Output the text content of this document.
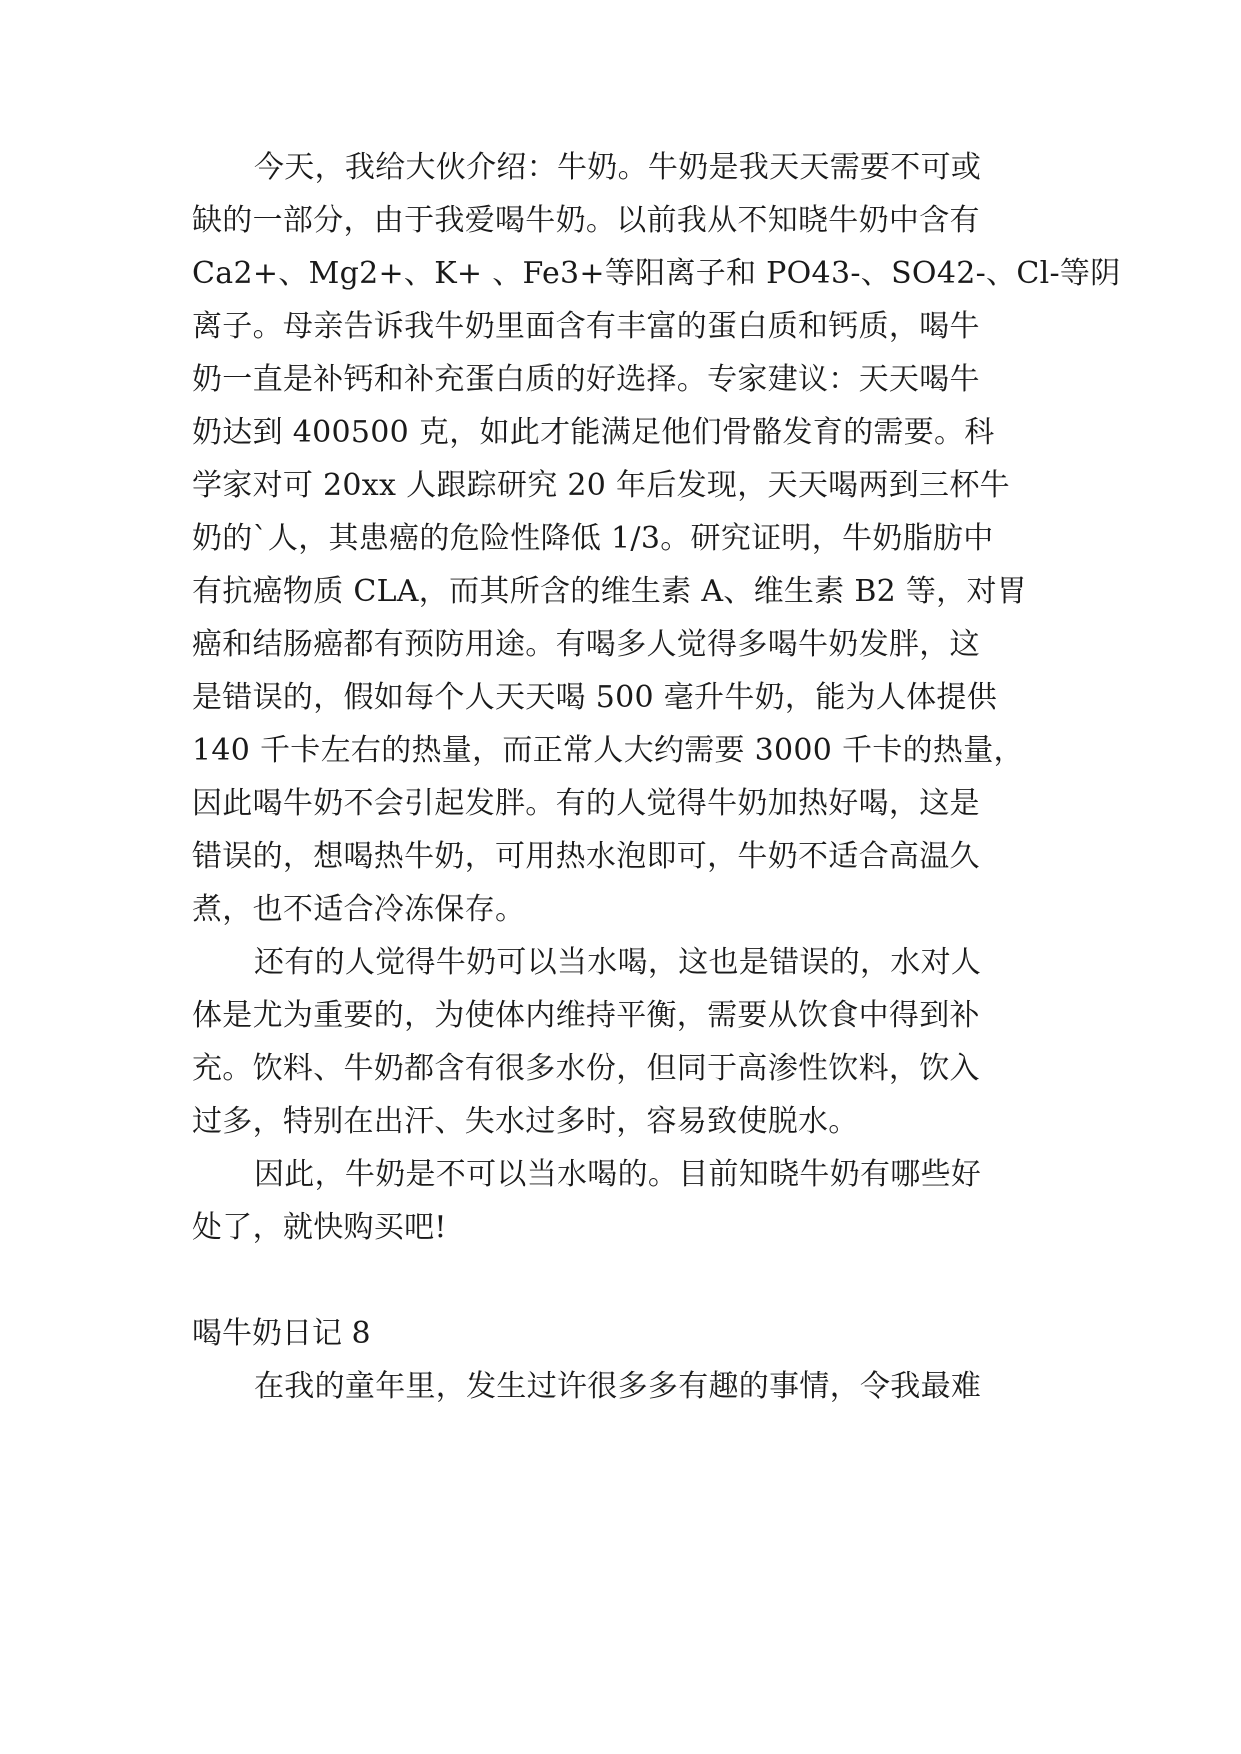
今天，我给大伙介绍：牛奶。牛奶是我天天需要不可或

缺的一部分，由于我爱喝牛奶。以前我从不知晓牛奶中含有

Ca2+、Mg2+、K+ 、Fe3+等阳离子和 PO43-、SO42-、Cl-等阴

离子。母亲告诉我牛奶里面含有丰富的蛋白质和钙质，喝牛

奶一直是补钙和补充蛋白质的好选择。专家建议：天天喝牛

奶达到 400500 克，如此才能满足他们骨骼发育的需要。科

学家对可 20xx 人跟踪研究 20 年后发现，天天喝两到三杯牛

奶的`人，其患癌的危险性降低 1/3。研究证明，牛奶脂肪中

有抗癌物质 CLA，而其所含的维生素 A、维生素 B2 等，对胃

癌和结肠癌都有预防用途。有喝多人觉得多喝牛奶发胖，这

是错误的，假如每个人天天喝 500 毫升牛奶，能为人体提供

140 千卡左右的热量，而正常人大约需要 3000 千卡的热量，

因此喝牛奶不会引起发胖。有的人觉得牛奶加热好喝，这是

错误的，想喝热牛奶，可用热水泡即可，牛奶不适合高温久

煮，也不适合冷冻保存。

还有的人觉得牛奶可以当水喝，这也是错误的，水对人

体是尤为重要的，为使体内维持平衡，需要从饮食中得到补

充。饮料、牛奶都含有很多水份，但同于高渗性饮料，饮入

过多，特别在出汗、失水过多时，容易致使脱水。

因此，牛奶是不可以当水喝的。目前知晓牛奶有哪些好

处了，就快购买吧!

喝牛奶日记 8

在我的童年里，发生过许很多多有趣的事情，令我最难
